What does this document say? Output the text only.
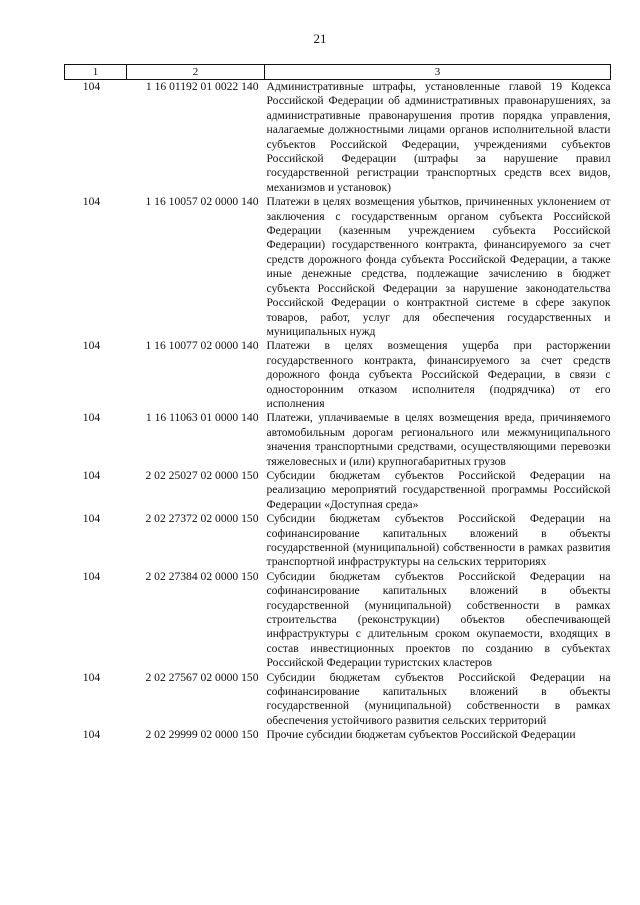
21
1	2	3
104	1 16 01192 01 0022 140	Административные штрафы, установленные главой 19 Кодекса Российской Федерации об административных правонарушениях, за административные правонарушения против порядка управления, налагаемые должностными лицами органов исполнительной власти субъектов Российской Федерации, учреждениями субъектов Российской Федерации (штрафы за нарушение правил государственной регистрации транспортных средств всех видов, механизмов и установок)
104	1 16 10057 02 0000 140	Платежи в целях возмещения убытков, причиненных уклонением от заключения с государственным органом субъекта Российской Федерации (казенным учреждением субъекта Российской Федерации) государственного контракта, финансируемого за счет средств дорожного фонда субъекта Российской Федерации, а также иные денежные средства, подлежащие зачислению в бюджет субъекта Российской Федерации за нарушение законодательства Российской Федерации о контрактной системе в сфере закупок товаров, работ, услуг для обеспечения государственных и муниципальных нужд
104	1 16 10077 02 0000 140	Платежи в целях возмещения ущерба при расторжении государственного контракта, финансируемого за счет средств дорожного фонда субъекта Российской Федерации, в связи с односторонним отказом исполнителя (подрядчика) от его исполнения
104	1 16 11063 01 0000 140	Платежи, уплачиваемые в целях возмещения вреда, причиняемого автомобильным дорогам регионального или межмуниципального значения транспортными средствами, осуществляющими перевозки тяжеловесных и (или) крупногабаритных грузов
104	2 02 25027 02 0000 150	Субсидии бюджетам субъектов Российской Федерации на реализацию мероприятий государственной программы Российской Федерации «Доступная среда»
104	2 02 27372 02 0000 150	Субсидии бюджетам субъектов Российской Федерации на софинансирование капитальных вложений в объекты государственной (муниципальной) собственности в рамках развития транспортной инфраструктуры на сельских территориях
104	2 02 27384 02 0000 150	Субсидии бюджетам субъектов Российской Федерации на софинансирование капитальных вложений в объекты государственной (муниципальной) собственности в рамках строительства (реконструкции) объектов обеспечивающей инфраструктуры с длительным сроком окупаемости, входящих в состав инвестиционных проектов по созданию в субъектах Российской Федерации туристских кластеров
104	2 02 27567 02 0000 150	Субсидии бюджетам субъектов Российской Федерации на софинансирование капитальных вложений в объекты государственной (муниципальной) собственности в рамках обеспечения устойчивого развития сельских территорий
104	2 02 29999 02 0000 150	Прочие субсидии бюджетам субъектов Российской Федерации
